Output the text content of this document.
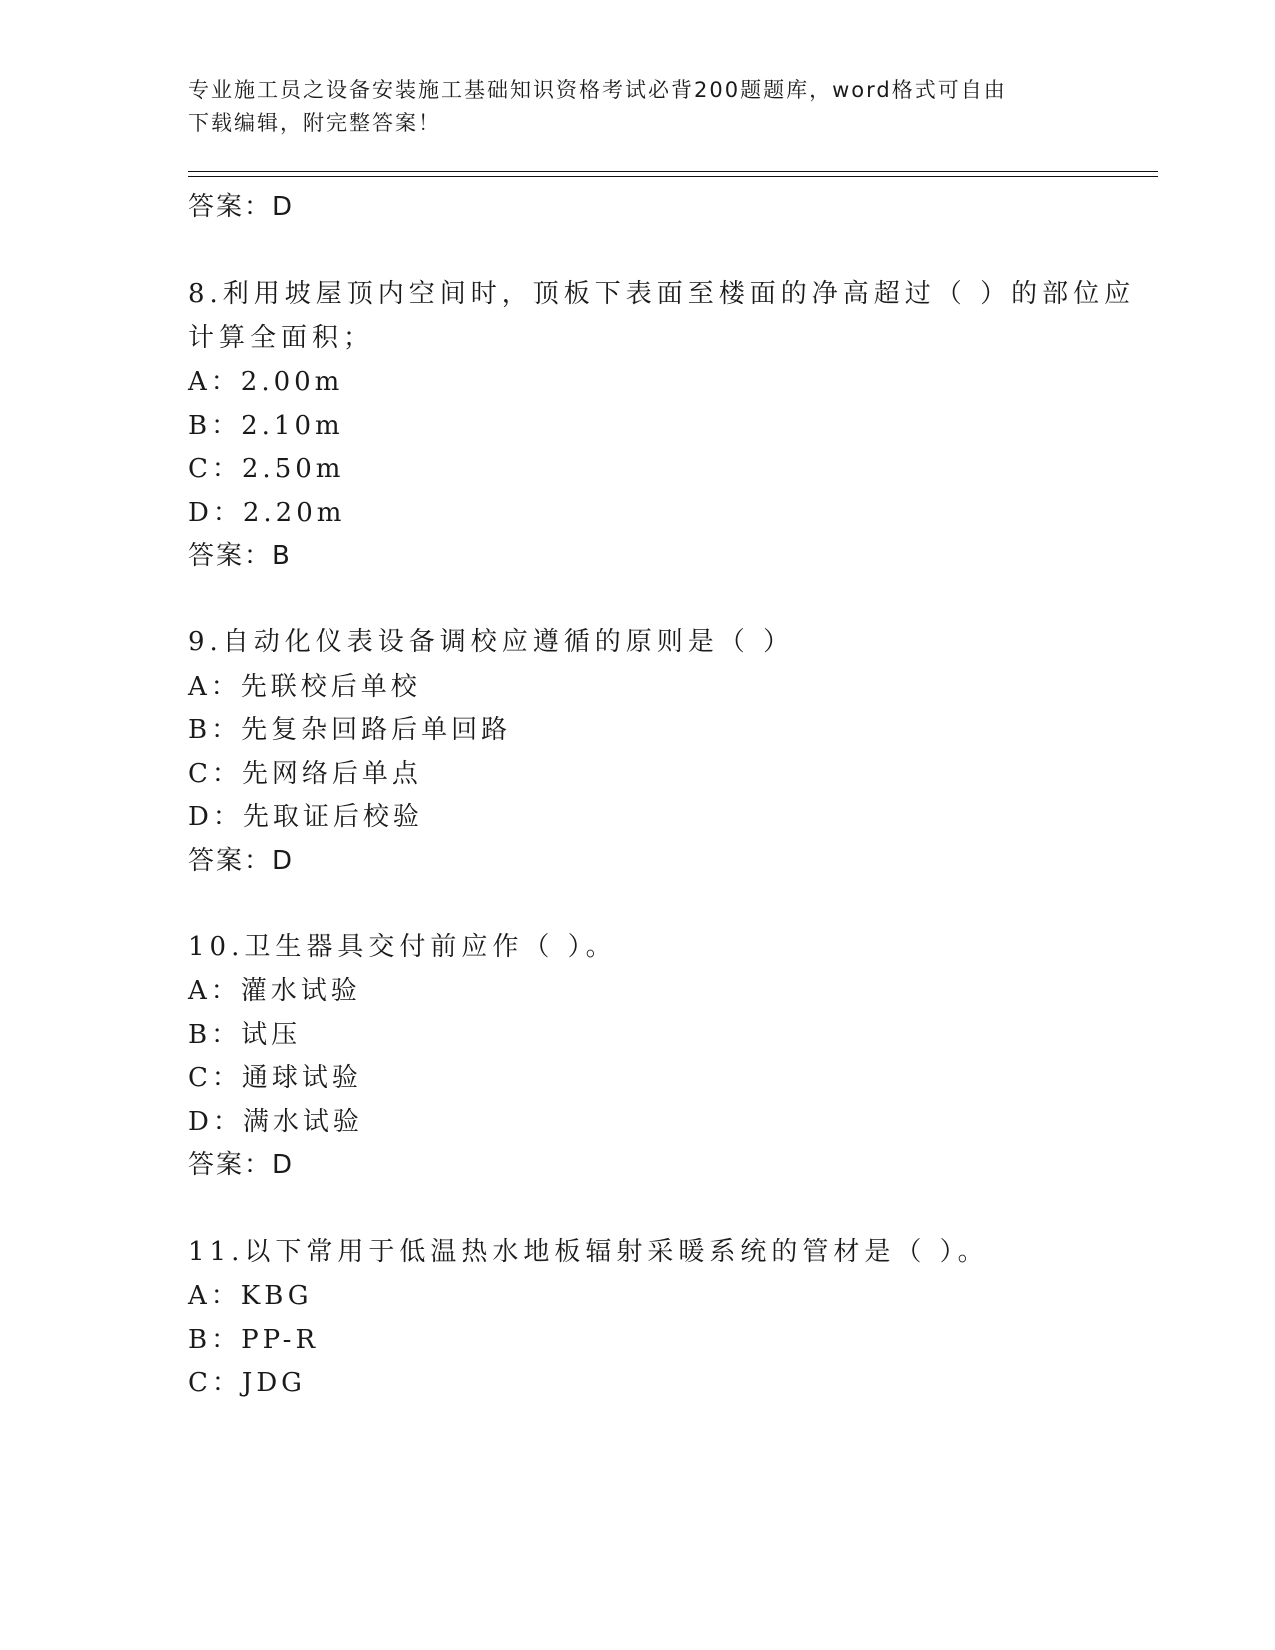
专业施工员之设备安装施工基础知识资格考试必背200题题库，word格式可自由
下载编辑，附完整答案！
答案：D
8.利用坡屋顶内空间时，顶板下表面至楼面的净高超过（ ）的部位应
计算全面积；
A：2.00m
B：2.10m
C：2.50m
D：2.20m
答案：B
9.自动化仪表设备调校应遵循的原则是（ ）
A：先联校后单校
B：先复杂回路后单回路
C：先网络后单点
D：先取证后校验
答案：D
10.卫生器具交付前应作（ ）。
A：灌水试验
B：试压
C：通球试验
D：满水试验
答案：D
11.以下常用于低温热水地板辐射采暖系统的管材是（ ）。
A：KBG
B：PP-R
C：JDG
